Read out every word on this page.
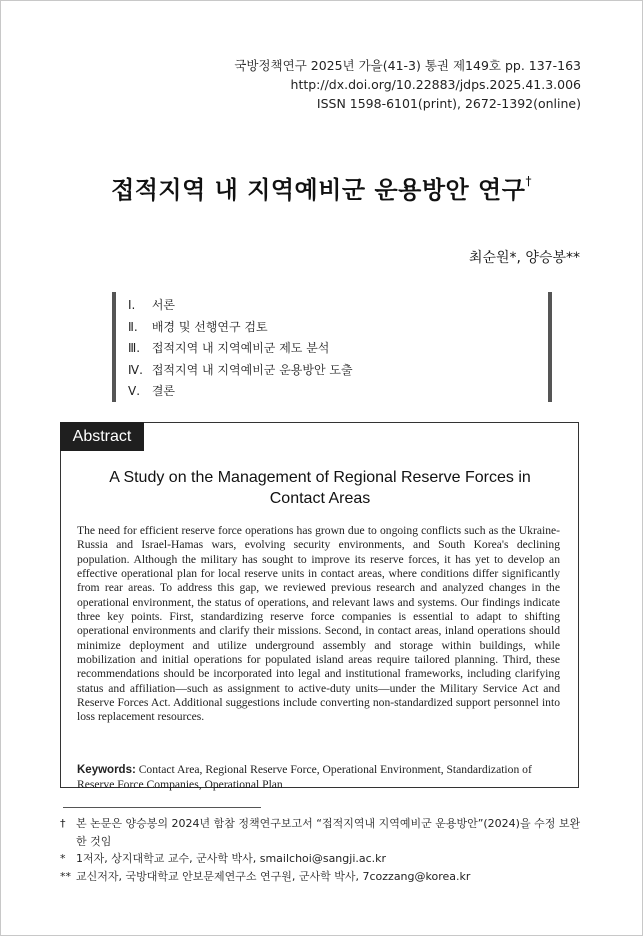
국방정책연구 2025년 가을(41-3) 통권 제149호 pp. 137-163
http://dx.doi.org/10.22883/jdps.2025.41.3.006
ISSN 1598-6101(print), 2672-1392(online)
접적지역 내 지역예비군 운용방안 연구†
최순원*, 양승봉**
Ⅰ. 서론
Ⅱ. 배경 및 선행연구 검토
Ⅲ. 접적지역 내 지역예비군 제도 분석
Ⅳ. 접적지역 내 지역예비군 운용방안 도출
Ⅴ. 결론
Abstract
A Study on the Management of Regional Reserve Forces in
Contact Areas
The need for efficient reserve force operations has grown due to ongoing conflicts such as the Ukraine-Russia and Israel-Hamas wars, evolving security environments, and South Korea's declining population. Although the military has sought to improve its reserve forces, it has yet to develop an effective operational plan for local reserve units in contact areas, where conditions differ significantly from rear areas. To address this gap, we reviewed previous research and analyzed changes in the operational environment, the status of operations, and relevant laws and systems. Our findings indicate three key points. First, standardizing reserve force companies is essential to adapt to shifting operational environments and clarify their missions. Second, in contact areas, inland operations should minimize deployment and utilize underground assembly and storage within buildings, while mobilization and initial operations for populated island areas require tailored planning. Third, these recommendations should be incorporated into legal and institutional frameworks, including clarifying status and affiliation—such as assignment to active-duty units—under the Military Service Act and Reserve Forces Act. Additional suggestions include converting non-standardized support personnel into loss replacement resources.
Keywords: Contact Area, Regional Reserve Force, Operational Environment, Standardization of Reserve Force Companies, Operational Plan
† 본 논문은 양승봉의 2024년 함참 정책연구보고서 “접적지역내 지역예비군 운용방안”(2024)을 수정 보완한 것임
* 1저자, 상지대학교 교수, 군사학 박사, smailchoi@sangji.ac.kr
** 교신저자, 국방대학교 안보문제연구소 연구원, 군사학 박사, 7cozzang@korea.kr
